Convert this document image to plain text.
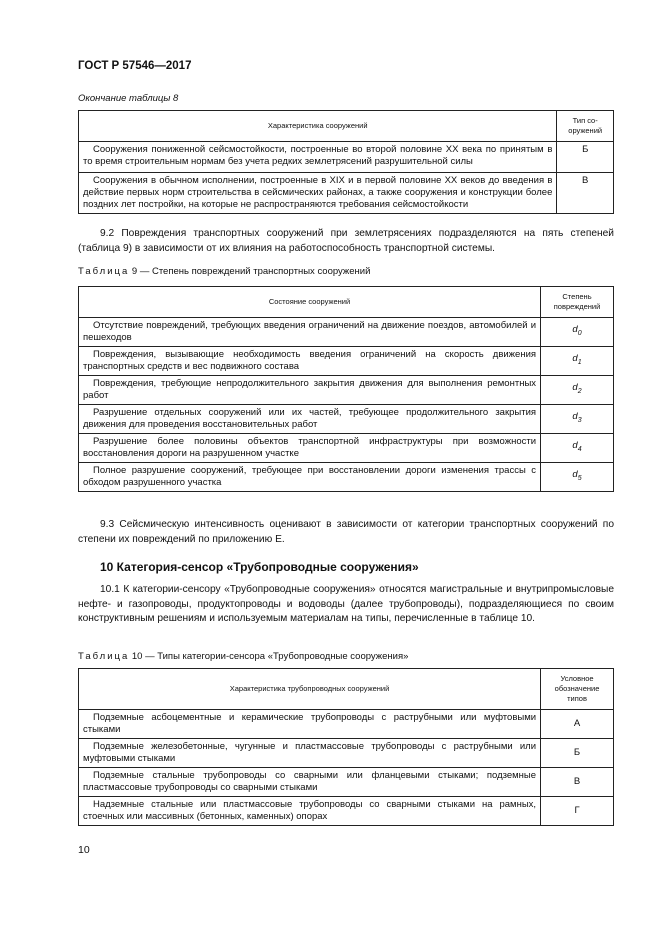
ГОСТ Р 57546—2017
Окончание таблицы 8
Характеристика сооружений	Тип со-оружений
Сооружения пониженной сейсмостойкости, построенные во второй половине XX века по принятым в то время строительным нормам без учета редких землетрясений разрушительной силы	Б
Сооружения в обычном исполнении, построенные в XIX и в первой половине XX веков до введения в действие первых норм строительства в сейсмических районах, а также сооружения и конструкции более поздних лет постройки, на которые не распространяются требования сейсмостойкости	В
9.2 Повреждения транспортных сооружений при землетрясениях подразделяются на пять степеней (таблица 9) в зависимости от их влияния на работоспособность транспортной системы.
Таблица 9 — Степень повреждений транспортных сооружений
Состояние сооружений	Степень повреждений
Отсутствие повреждений, требующих введения ограничений на движение поездов, автомобилей и пешеходов	$d_0$
Повреждения, вызывающие необходимость введения ограничений на скорость движения транспортных средств и вес подвижного состава	$d_1$
Повреждения, требующие непродолжительного закрытия движения для выполнения ремонтных работ	$d_2$
Разрушение отдельных сооружений или их частей, требующее продолжительного закрытия движения для проведения восстановительных работ	$d_3$
Разрушение более половины объектов транспортной инфраструктуры при возможности восстановления дороги на разрушенном участке	$d_4$
Полное разрушение сооружений, требующее при восстановлении дороги изменения трассы с обходом разрушенного участка	$d_5$
9.3 Сейсмическую интенсивность оценивают в зависимости от категории транспортных сооружений по степени их повреждений по приложению Е.
10 Категория-сенсор «Трубопроводные сооружения»
10.1 К категории-сенсору «Трубопроводные сооружения» относятся магистральные и внутрипромысловые нефте- и газопроводы, продуктопроводы и водоводы (далее трубопроводы), подразделяющиеся по своим конструктивным решениям и используемым материалам на типы, перечисленные в таблице 10.
Таблица 10 — Типы категории-сенсора «Трубопроводные сооружения»
Характеристика трубопроводных сооружений	Условное обозначение типов
Подземные асбоцементные и керамические трубопроводы с раструбными или муфтовыми стыками	А
Подземные железобетонные, чугунные и пластмассовые трубопроводы с раструбными или муфтовыми стыками	Б
Подземные стальные трубопроводы со сварными или фланцевыми стыками; подземные пластмассовые трубопроводы со сварными стыками	В
Надземные стальные или пластмассовые трубопроводы со сварными стыками на рамных, стоечных или массивных (бетонных, каменных) опорах	Г
10
